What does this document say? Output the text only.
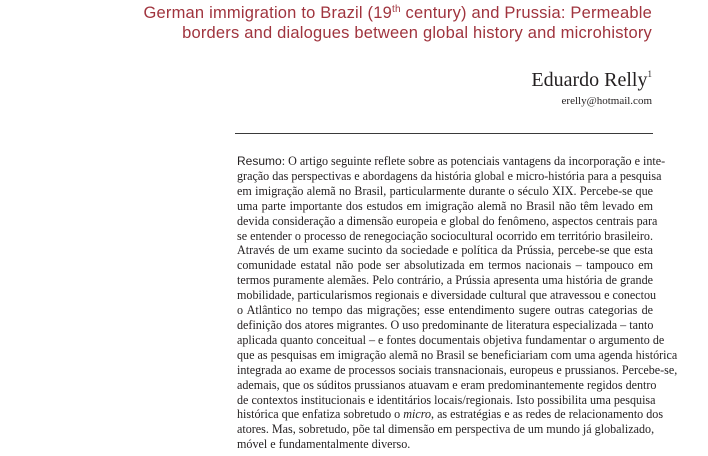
German immigration to Brazil (19th century) and Prussia: Permeable
borders and dialogues between global history and microhistory
Eduardo Relly$^1$
erelly@hotmail.com
Resumo: O artigo seguinte reflete sobre as potenciais vantagens da incorporação e inte-
gração das perspectivas e abordagens da história global e micro-história para a pesquisa
em imigração alemã no Brasil, particularmente durante o século XIX. Percebe-se que
uma parte importante dos estudos em imigração alemã no Brasil não têm levado em
devida consideração a dimensão europeia e global do fenômeno, aspectos centrais para
se entender o processo de renegociação sociocultural ocorrido em território brasileiro.
Através de um exame sucinto da sociedade e política da Prússia, percebe-se que esta
comunidade estatal não pode ser absolutizada em termos nacionais – tampouco em
termos puramente alemães. Pelo contrário, a Prússia apresenta uma história de grande
mobilidade, particularismos regionais e diversidade cultural que atravessou e conectou
o Atlântico no tempo das migrações; esse entendimento sugere outras categorias de
definição dos atores migrantes. O uso predominante de literatura especializada – tanto
aplicada quanto conceitual – e fontes documentais objetiva fundamentar o argumento de
que as pesquisas em imigração alemã no Brasil se beneficiariam com uma agenda histórica
integrada ao exame de processos sociais transnacionais, europeus e prussianos. Percebe-se,
ademais, que os súditos prussianos atuavam e eram predominantemente regidos dentro
de contextos institucionais e identitários locais/regionais. Isto possibilita uma pesquisa
histórica que enfatiza sobretudo o micro, as estratégias e as redes de relacionamento dos
atores. Mas, sobretudo, põe tal dimensão em perspectiva de um mundo já globalizado,
móvel e fundamentalmente diverso.
